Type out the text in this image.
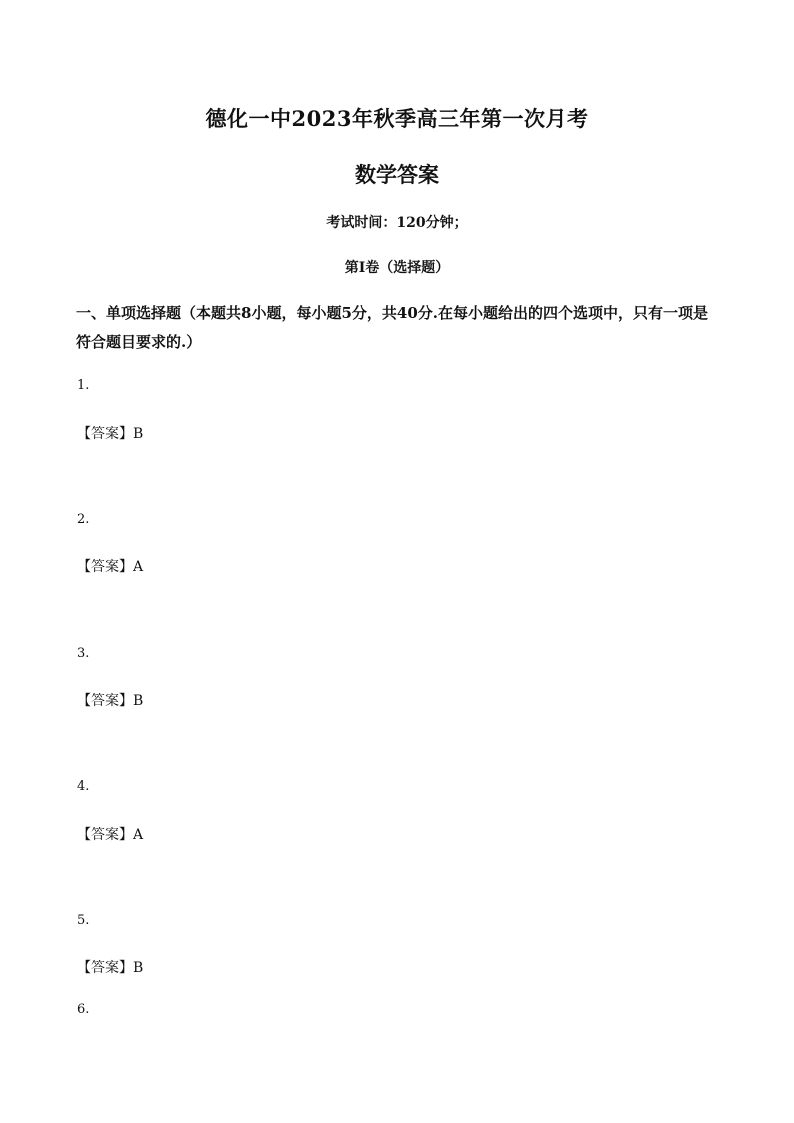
德化一中2023年秋季高三年第一次月考
数学答案
考试时间：120分钟；
第I卷（选择题）
一、单项选择题（本题共8小题，每小题5分，共40分.在每小题给出的四个选项中，只有一项是符合题目要求的.）
1.
【答案】B
2.
【答案】A
3.
【答案】B
4.
【答案】A
5.
【答案】B
6.
